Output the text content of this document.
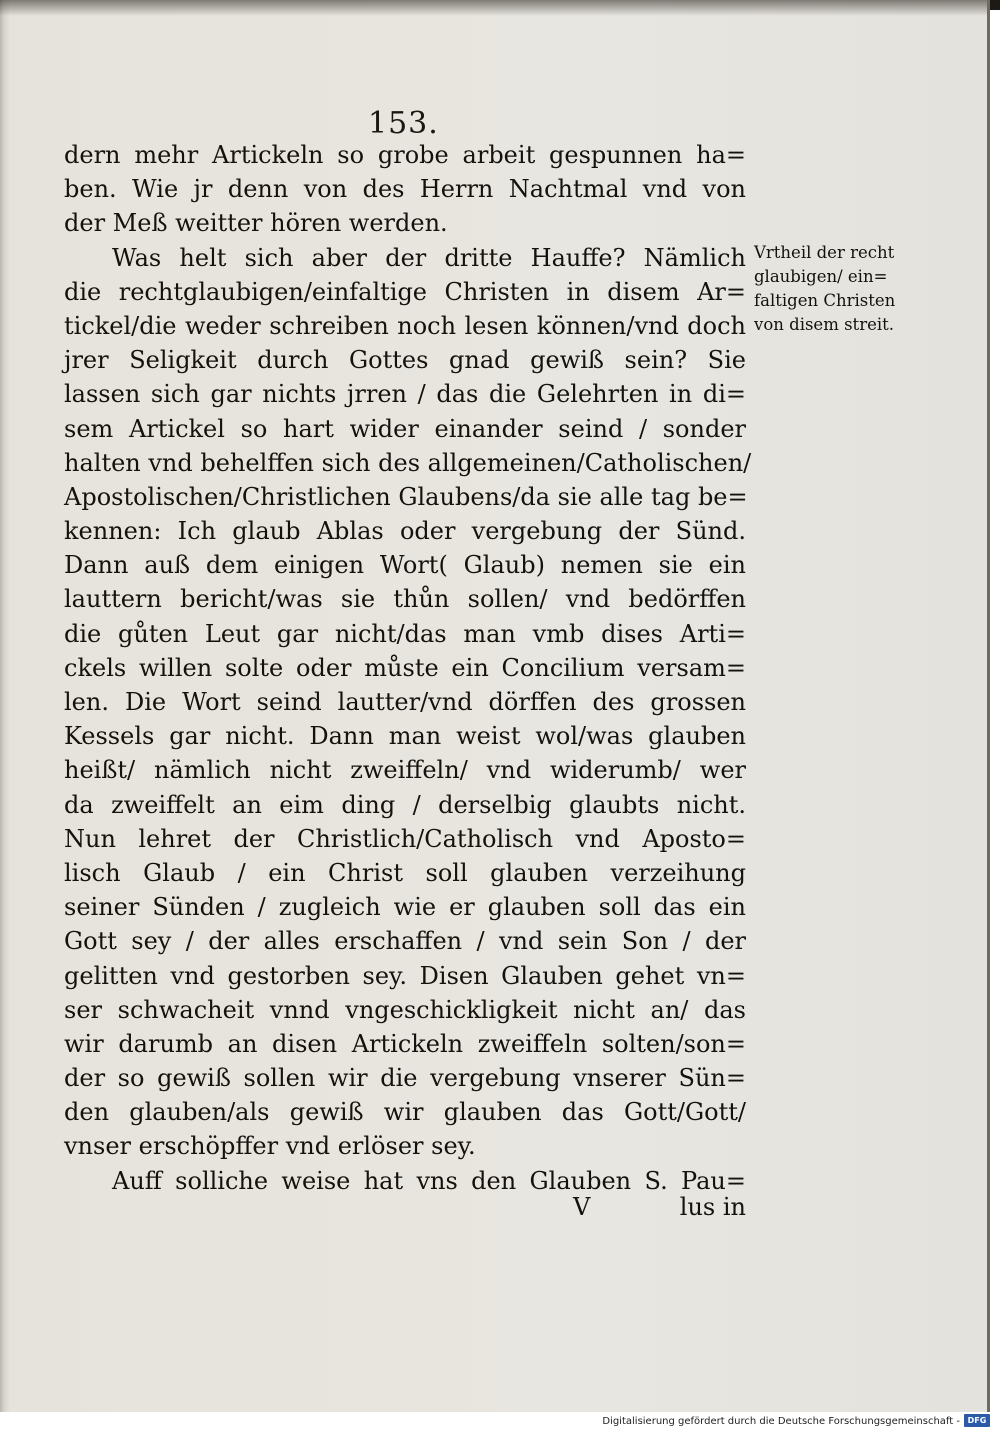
153.
dern mehr Artickeln so grobe arbeit gespunnen ha=
ben. Wie jr denn von des Herrn Nachtmal vnd von
der Meß weitter hören werden.
Was helt sich aber der dritte Hauffe? Nämlich
die rechtglaubigen/einfaltige Christen in disem Ar=
tickel/die weder schreiben noch lesen können/vnd doch
jrer Seligkeit durch Gottes gnad gewiß sein? Sie
lassen sich gar nichts jrren / das die Gelehrten in di=
sem Artickel so hart wider einander seind / sonder
halten vnd behelffen sich des allgemeinen/Catholischen/
Apostolischen/Christlichen Glaubens/da sie alle tag be=
kennen: Ich glaub Ablas oder vergebung der Sünd.
Dann auß dem einigen Wort( Glaub) nemen sie ein
lauttern bericht/was sie thůn sollen/ vnd bedörffen
die gůten Leut gar nicht/das man vmb dises Arti=
ckels willen solte oder můste ein Concilium versam=
len. Die Wort seind lautter/vnd dörffen des grossen
Kessels gar nicht. Dann man weist wol/was glauben
heißt/ nämlich nicht zweiffeln/ vnd widerumb/ wer
da zweiffelt an eim ding / derselbig glaubts nicht.
Nun lehret der Christlich/Catholisch vnd Aposto=
lisch Glaub / ein Christ soll glauben verzeihung
seiner Sünden / zugleich wie er glauben soll das ein
Gott sey / der alles erschaffen / vnd sein Son / der
gelitten vnd gestorben sey. Disen Glauben gehet vn=
ser schwacheit vnnd vngeschickligkeit nicht an/ das
wir darumb an disen Artickeln zweiffeln solten/son=
der so gewiß sollen wir die vergebung vnserer Sün=
den glauben/als gewiß wir glauben das Gott/Gott/
vnser erschöpffer vnd erlöser sey.
Auff solliche weise hat vns den Glauben S. Pau=
Vrtheil der recht
glaubigen/ ein=
faltigen Christen
von disem streit.
V	lus in
Digitalisierung gefördert durch die Deutsche Forschungsgemeinschaft - DFG
